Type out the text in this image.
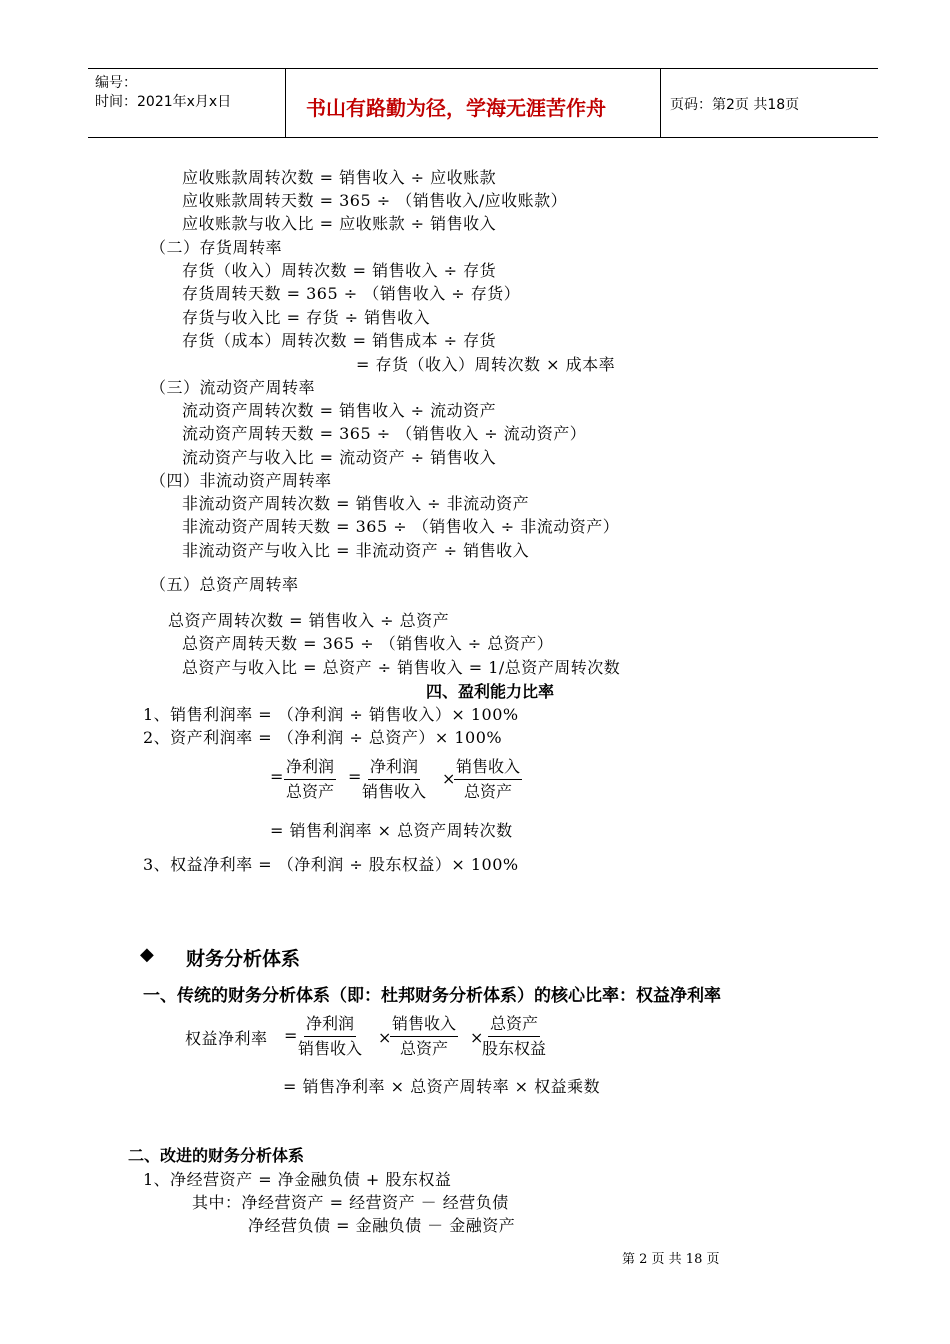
编号：
时间：2021年x月x日	书山有路勤为径，学海无涯苦作舟	页码：第2页 共18页
应收账款周转次数 = 销售收入 ÷ 应收账款
应收账款周转天数 = 365 ÷ （销售收入/应收账款）
应收账款与收入比 = 应收账款 ÷ 销售收入
（二）存货周转率
存货（收入）周转次数 = 销售收入 ÷ 存货
存货周转天数 = 365 ÷ （销售收入 ÷ 存货）
存货与收入比 = 存货 ÷ 销售收入
存货（成本）周转次数 = 销售成本 ÷ 存货
= 存货（收入）周转次数 × 成本率
（三）流动资产周转率
流动资产周转次数 = 销售收入 ÷ 流动资产
流动资产周转天数 = 365 ÷ （销售收入 ÷ 流动资产）
流动资产与收入比 = 流动资产 ÷ 销售收入
（四）非流动资产周转率
非流动资产周转次数 = 销售收入 ÷ 非流动资产
非流动资产周转天数 = 365 ÷ （销售收入 ÷ 非流动资产）
非流动资产与收入比 = 非流动资产 ÷ 销售收入
（五）总资产周转率
总资产周转次数 = 销售收入 ÷ 总资产
总资产周转天数 = 365 ÷ （销售收入 ÷ 总资产）
总资产与收入比 = 总资产 ÷ 销售收入 = 1/总资产周转次数
四、盈利能力比率
1、销售利润率 = （净利润 ÷ 销售收入）× 100%
2、资产利润率 = （净利润 ÷ 总资产）× 100%
=
净利润
总资产
=
净利润
销售收入
×
销售收入
总资产
= 销售利润率 × 总资产周转次数
3、权益净利率 = （净利润 ÷ 股东权益）× 100%
◆ 财务分析体系
一、传统的财务分析体系（即：杜邦财务分析体系）的核心比率：权益净利率
权益净利率 =
净利润
销售收入
×
销售收入
总资产
×
总资产
股东权益
= 销售净利率 × 总资产周转率 × 权益乘数
二、改进的财务分析体系
1、净经营资产 = 净金融负债 + 股东权益
其中：净经营资产 = 经营资产 － 经营负债
净经营负债 = 金融负债 － 金融资产
第 2 页 共 18 页
